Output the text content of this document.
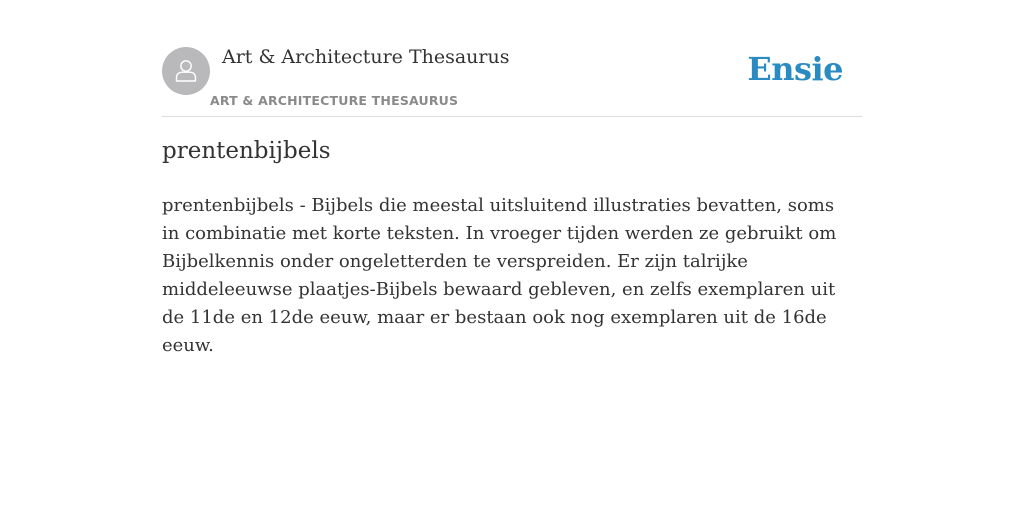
Art & Architecture Thesaurus
ART & ARCHITECTURE THESAURUS
Ensie
prentenbijbels

prentenbijbels - Bijbels die meestal uitsluitend illustraties bevatten, soms in combinatie met korte teksten. In vroeger tijden werden ze gebruikt om Bijbelkennis onder ongeletterden te verspreiden. Er zijn talrijke middeleeuwse plaatjes-Bijbels bewaard gebleven, en zelfs exemplaren uit de 11de en 12de eeuw, maar er bestaan ook nog exemplaren uit de 16de eeuw.
